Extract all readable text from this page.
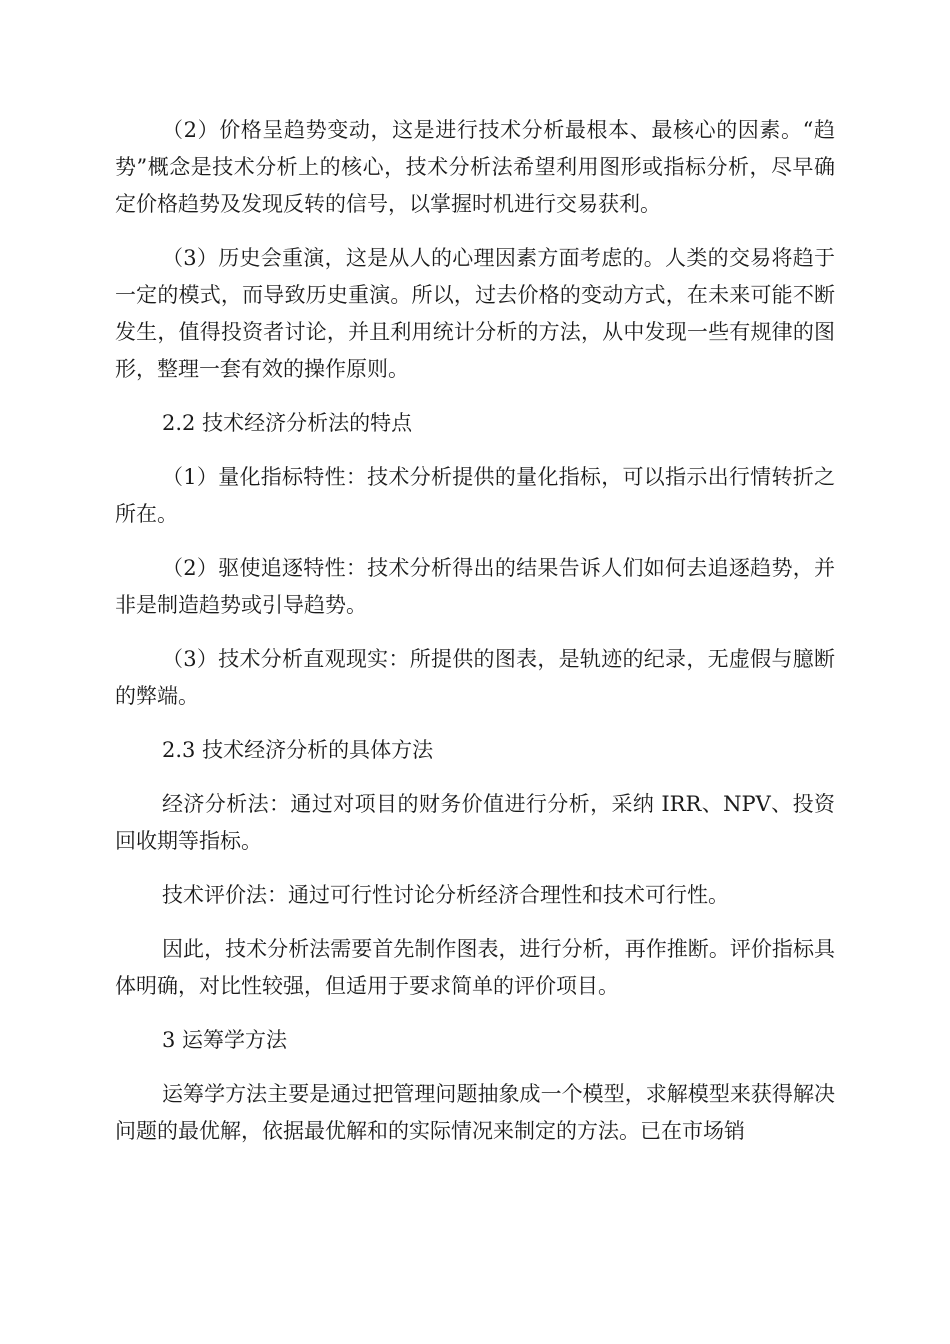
（2）价格呈趋势变动，这是进行技术分析最根本、最核心的因素。“趋势”概念是技术分析上的核心，技术分析法希望利用图形或指标分析，尽早确定价格趋势及发现反转的信号，以掌握时机进行交易获利。

（3）历史会重演，这是从人的心理因素方面考虑的。人类的交易将趋于一定的模式，而导致历史重演。所以，过去价格的变动方式，在未来可能不断发生，值得投资者讨论，并且利用统计分析的方法，从中发现一些有规律的图形，整理一套有效的操作原则。

2.2 技术经济分析法的特点

（1）量化指标特性：技术分析提供的量化指标，可以指示出行情转折之所在。

（2）驱使追逐特性：技术分析得出的结果告诉人们如何去追逐趋势，并非是制造趋势或引导趋势。

（3）技术分析直观现实：所提供的图表，是轨迹的纪录，无虚假与臆断的弊端。

2.3 技术经济分析的具体方法

经济分析法：通过对项目的财务价值进行分析，采纳 IRR、NPV、投资回收期等指标。

技术评价法：通过可行性讨论分析经济合理性和技术可行性。

因此，技术分析法需要首先制作图表，进行分析，再作推断。评价指标具体明确，对比性较强，但适用于要求简单的评价项目。

3 运筹学方法

运筹学方法主要是通过把管理问题抽象成一个模型，求解模型来获得解决问题的最优解，依据最优解和的实际情况来制定的方法。已在市场销
